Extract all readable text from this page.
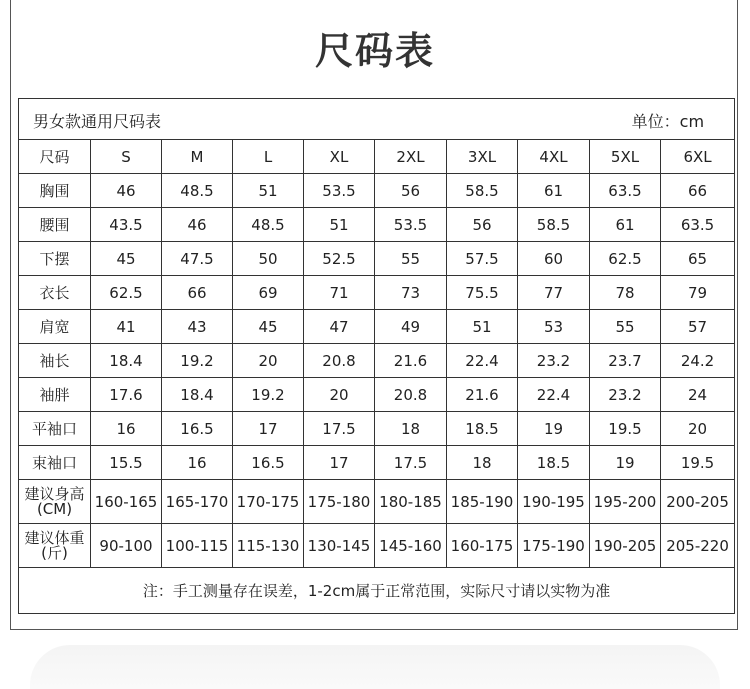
尺码表
男女款通用尺码表 单位：cm									

尺码	S	M	L	XL	2XL	3XL	4XL	5XL	6XL
胸围	46	48.5	51	53.5	56	58.5	61	63.5	66
腰围	43.5	46	48.5	51	53.5	56	58.5	61	63.5
下摆	45	47.5	50	52.5	55	57.5	60	62.5	65
衣长	62.5	66	69	71	73	75.5	77	78	79
肩宽	41	43	45	47	49	51	53	55	57
袖长	18.4	19.2	20	20.8	21.6	22.4	23.2	23.7	24.2
袖胖	17.6	18.4	19.2	20	20.8	21.6	22.4	23.2	24
平袖口	16	16.5	17	17.5	18	18.5	19	19.5	20
束袖口	15.5	16	16.5	17	17.5	18	18.5	19	19.5

建议身高
(CM)	160-165	165-170	170-175	175-180	180-185	185-190	190-195	195-200	200-205

建议体重
(斤)	90-100	100-115	115-130	130-145	145-160	160-175	175-190	190-205	205-220
注：手工测量存在误差，1-2cm属于正常范围，实际尺寸请以实物为准									
